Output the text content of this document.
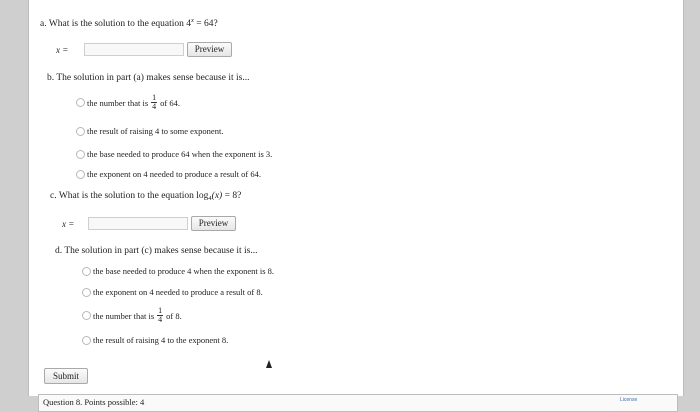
a. What is the solution to the equation $4^x = 64$?
x =	Preview
b. The solution in part (a) makes sense because it is...
the number that is $\frac{1}{4}$ of 64.
the result of raising 4 to some exponent.
the base needed to produce 64 when the exponent is 3.
the exponent on 4 needed to produce a result of 64.
c. What is the solution to the equation $\log_4(x) = 8$?
x =	Preview
d. The solution in part (c) makes sense because it is...
the base needed to produce 4 when the exponent is 8.
the exponent on 4 needed to produce a result of 8.
the number that is $\frac{1}{4}$ of 8.
the result of raising 4 to the exponent 8.
Submit
Question 8. Points possible: 4	License
